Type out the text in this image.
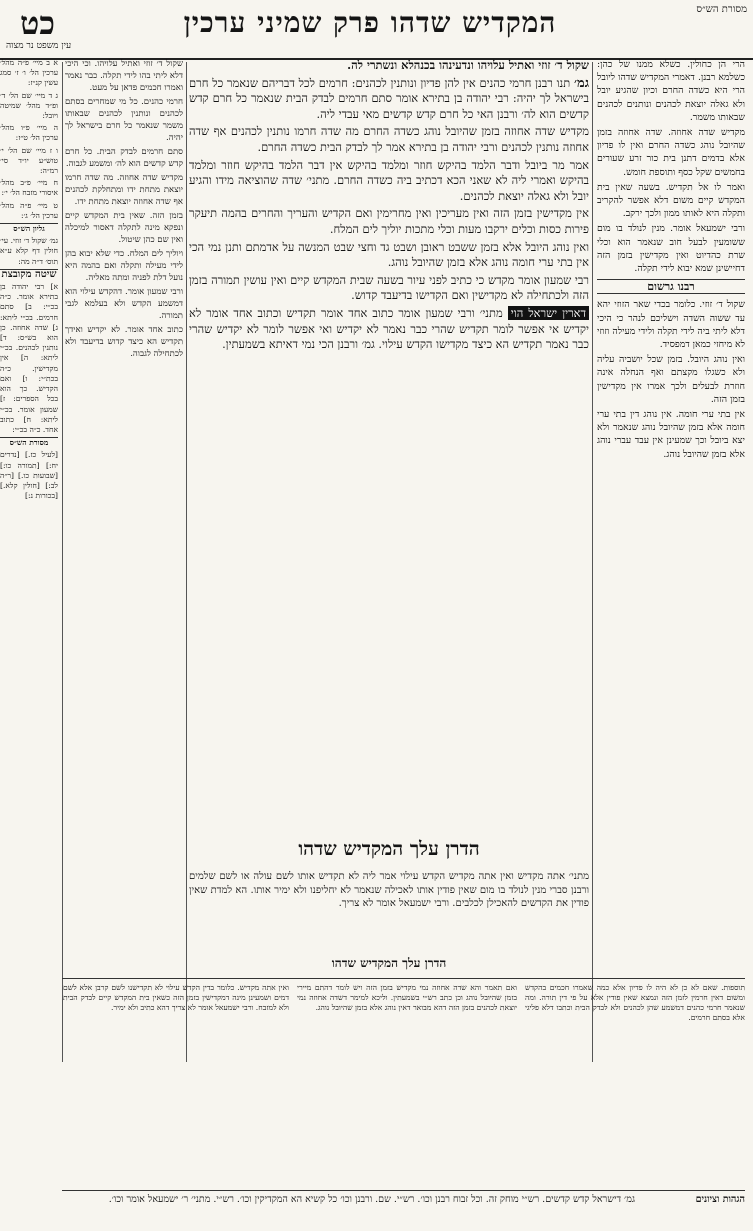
כט	המקדיש שדהו פרק שמיני ערכין
עין משפט נר מצוה
מסורת הש״ס

הרי הן כחולין. כשלא ממנו של כהן: כשלמא רבנן. דאמרי המקדיש שדהו ליובל הרי היא כשדה החרם וכיון שהגיע יובל ולא גאלה יוצאת לכהנים ונותנים לכהנים שבאותו משמר.

מקדיש שדה אחוזה. שדה אחוזה בזמן שהיובל נוהג כשדה החרם ואין לו פדיון אלא בדמים דתנן בית כור זרע שעורים בחמשים שקל כסף ותוספת חומש.

ואמר לו אל תקדיש. בשעה שאין בית המקדש קיים משום דלא אפשר להקריב ותקלה היא לאותו ממון ולכך ירקב.

ורבי ישמעאל אומר. מנין לנולד בו מום ששומעין לבעל חוב שנאמר הוא וכלי שרת כהדיוט ואין מקדישין בזמן הזה דחיישינן שמא יבוא לידי תקלה.

רבנו גרשום

שקול ד׳ זוזי. כלומר בכדי שאר הזוזי יהא עד ששוה השדה וישליכם לנהר כי היכי דלא ליתי ביה לידי תקלה ולידי מעילה וזוזי לא מיחזי כמאן דמפסיד.

ואין נוהג היובל. בזמן שכל יושביה עליה ולא כשגלו מקצתם ואף הנחלה אינה חוזרת לבעלים ולכך אמרו אין מקדישין בזמן הזה.

אין בתי ערי חומה. אין נוהג דין בתי ערי חומה אלא בזמן שהיובל נוהג שנאמר ולא יצא ביובל וכך שמעינן אין עבד עברי נוהג אלא בזמן שהיובל נוהג.

שקול ד׳ זוזי ואתיל עלויהו ונדעינהו בכנהלא ונשתרי לה.

גמ׳ תנו רבנן חרמי כהנים אין להן פדיון ונותנין לכהנים: חרמים לכל דבריהם שנאמר כל חרם בישראל לך יהיה: רבי יהודה בן בתירא אומר סתם חרמים לבדק הבית שנאמר כל חרם קדש קדשים הוא לה׳ ורבנן האי כל חרם קדש קדשים מאי עבדי ליה.

מקדיש שדה אחוזה בזמן שהיובל נוהג כשדה החרם מה שדה חרמו נותנין לכהנים אף שדה אחוזה נותנין לכהנים ורבי יהודה בן בתירא אמר לך לבדק הבית כשדה החרם.

אמר מר ביובל ודבר הלמד בהיקש חוזר ומלמד בהיקש אין דבר הלמד בהיקש חוזר ומלמד בהיקש ואמרי ליה לא שאני הכא דכתיב ביה כשדה החרם. מתני׳ שדה שהוציאה מידו והגיע יובל ולא גאלה יוצאת לכהנים.

אין מקדישין בזמן הזה ואין מעריכין ואין מחרימין ואם הקדיש והעריך והחרים בהמה תיעקר פירות כסות וכלים ירקבו מעות וכלי מתכות יוליך לים המלח.

ואין נוהג היובל אלא בזמן ששבט ראובן ושבט גד וחצי שבט המנשה על אדמתם ותנן נמי הכי אין בתי ערי חומה נוהג אלא בזמן שהיובל נוהג.

רבי שמעון אומר מקדש כי כתיב לפני עיור בשעה שבית המקדש קיים ואין עושין תמורה בזמן הזה ולכתחילה לא מקדישין ואם הקדישו בדיעבד קדוש.

דארין ישראל הוי מתני׳ ורבי שמעון אומר כתוב אחד אומר תקדיש וכתוב אחד אומר לא יקדיש אי אפשר לומר תקדיש שהרי כבר נאמר לא יקדיש ואי אפשר לומר לא יקדיש שהרי כבר נאמר תקדיש הא כיצד מקדישו הקדש עילוי. גמ׳ ורבנן הכי נמי דאיתא בשמעתין.

שקול ד׳ זוזי ואתיל עלויהו. וכי היכי דלא ליתי בהו לידי תקלה. כבר נאמר ואמרו חכמים פדאן על מעט.

חרמי כהנים. כל מי שמחרים בסתם לכהנים ונותנין לכהנים שבאותו משמר שנאמר כל חרם בישראל לך יהיה.

סתם חרמים לבדק הבית. כל חרם קדש קדשים הוא לה׳ ומשמע לגבוה.

מקדיש שדה אחוזה. מה שדה חרמו יוצאת מתחת ידו ומתחלקת לכהנים אף שדה אחוזה יוצאת מתחת ידו.

בזמן הזה. שאין בית המקדש קיים ונפקא מינה לתקלה דאסור למיכלה ואין שם כהן שיטול.

ויוליך לים המלח. כדי שלא יבוא בהן לידי מעילה ותקלה ואם בהמה היא נועל דלת לפניה ומתה מאליה.

ורבי שמעון אומר. דהקדש עילוי הוא דמשמע הקדש ולא בעלמא לגבי תמורה.

כתוב אחד אומר. לא יקדיש ואידך תקדיש הא כיצד קדוש בדיעבד ולא לכתחילה לגבוה.

א ב מיי׳ פ״ה מהל׳ ערכין הל׳ ו׳ ז׳ סמג עשין קנ״ז:

ג ד מיי׳ שם הל׳ ד׳ ופ״ד מהל׳ שמיטה ויובל:

ה מיי׳ פ״ו מהל׳ ערכין הל׳ ט״ז:

ו ז מיי׳ שם הל׳ י׳ טוש״ע יו״ד סי׳ רמ״ה:

ח מיי׳ פ״ב מהל׳ איסורי מזבח הל׳ י׳:

ט מיי׳ פ״ה מהל׳ ערכין הל׳ ג׳:

גליון הש״ס

גמ׳ שקול ד׳ זוזי. עי׳ חולין דף קלא ע״א תוס׳ ד״ה מה:

שיטה מקובצת

א] רבי יהודה בן בתירא אומר. כ״ה בכ״י: ב] סתם חרמים. בכ״י ליתא: ג] שדה אחוזה. כן הוא בש״ס: ד] נותנין לכהנים. בכ״י ליתא: ה] אין מקדישין. כ״ה בכת״י: ו] ואם הקדיש. כך הוא בכל הספרים: ז] שמעון אומר. בכ״י ליתא: ח] כתוב אחד. כ״ה בכ״י:

מסורת הש״ס

[לעיל כז.] [נדרים יח:] [תמורה כו:] [שבועות כו.] [ר״ה לב:] [חולין קלא.] [בכורות נ:]

הדרן עלך המקדיש שדהו
מתני׳ אתה מקדיש ואין אתה מקדיש הקדש עילוי אמר ליה לא תקדיש אותו לשם עולה או לשם שלמים ורבנן סברי מנין לנולד בו מום שאין פודין אותו לאכילה שנאמר לא יחליפנו ולא ימיר אותו. הא למדת שאין פודין את הקדשים להאכילן לכלבים. ורבי ישמעאל אומר לא צריך.
הדרן עלך המקדיש שדהו
תוספות. שאם לא כן לא היה לו פדיון אלא כמה שאמרו חכמים בהקדש ומשום דאין חרמין לזמן הזה ונמצא שאין פודין אלא על פי דין תורה. ומה שנאמר חרמי כהנים דמשמע שהן לכהנים ולא לבדק הבית וכתבו דלא פליגי אלא בסתם חרמים.
ואם תאמר והא שדה אחוזה נמי מקדיש בזמן הזה ויש לומר דהתם מיירי בזמן שהיובל נוהג וכן כתב רש״י בשמעתין. וליכא למימר דשדה אחוזה נמי יוצאת לכהנים בזמן הזה דהא מבואר דאין נוהג אלא בזמן שהיובל נוהג.
ואין אתה מקדיש. כלומר בדין הקדש עילוי לא תקדישנו לשם קרבן אלא לשם דמים ושמעינן מינה דמקדישין בזמן הזה כשאין בית המקדש קיים לבדק הבית ולא למזבח. ורבי ישמעאל אומר לא צריך דהא כתיב ולא ימיר.
הגהות וציונים
גמ׳ דישראל קדש קדשים. רש״י מוחק זה. וכל זבוח רבנן וכו׳. רש״י. שם. ורבנן וכו׳ כל קשיא הא המקדיקין וכו׳. רש״י. מתני׳ ר׳ ישמעאל אומר וכו׳.
